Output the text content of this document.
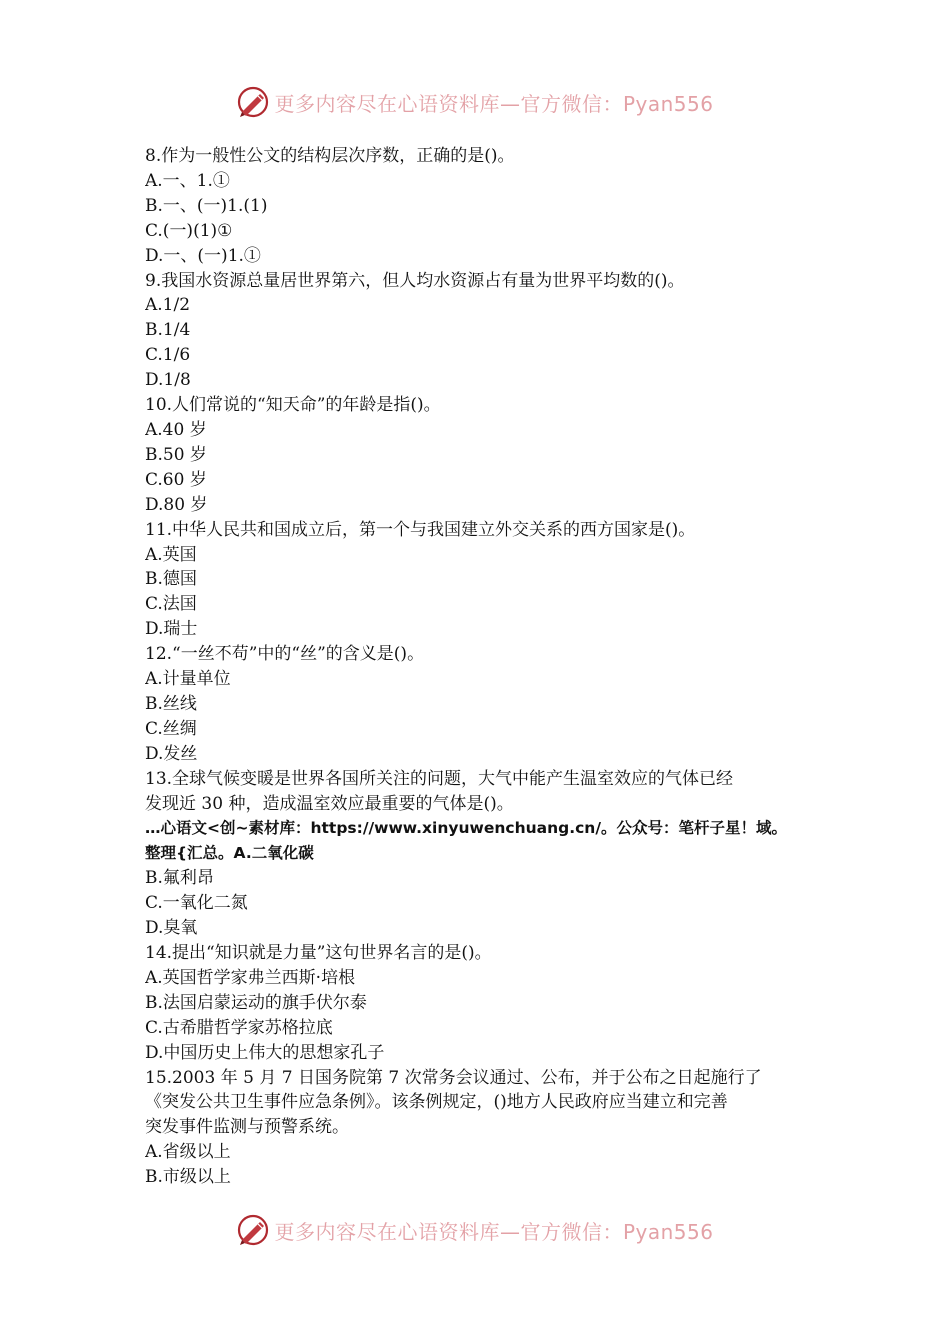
更多内容尽在心语资料库—官方微信：Pyan556
8.作为一般性公文的结构层次序数，正确的是()。
A.一、1.①
B.一、(一)1.(1)
C.(一)(1)①
D.一、(一)1.①
9.我国水资源总量居世界第六，但人均水资源占有量为世界平均数的()。
A.1/2
B.1/4
C.1/6
D.1/8
10.人们常说的“知天命”的年龄是指()。
A.40 岁
B.50 岁
C.60 岁
D.80 岁
11.中华人民共和国成立后，第一个与我国建立外交关系的西方国家是()。
A.英国
B.德国
C.法国
D.瑞士
12.“一丝不苟”中的“丝”的含义是()。
A.计量单位
B.丝线
C.丝绸
D.发丝
13.全球气候变暖是世界各国所关注的问题，大气中能产生温室效应的气体已经
发现近 30 种，造成温室效应最重要的气体是()。
…心语文<创~素材库：https://www.xinyuwenchuang.cn/。公众号：笔杆子星！域。
整理{汇总。A.二氧化碳
B.氟利昂
C.一氧化二氮
D.臭氧
14.提出“知识就是力量”这句世界名言的是()。
A.英国哲学家弗兰西斯·培根
B.法国启蒙运动的旗手伏尔泰
C.古希腊哲学家苏格拉底
D.中国历史上伟大的思想家孔子
15.2003 年 5 月 7 日国务院第 7 次常务会议通过、公布，并于公布之日起施行了
《突发公共卫生事件应急条例》。该条例规定，()地方人民政府应当建立和完善
突发事件监测与预警系统。
A.省级以上
B.市级以上
更多内容尽在心语资料库—官方微信：Pyan556
